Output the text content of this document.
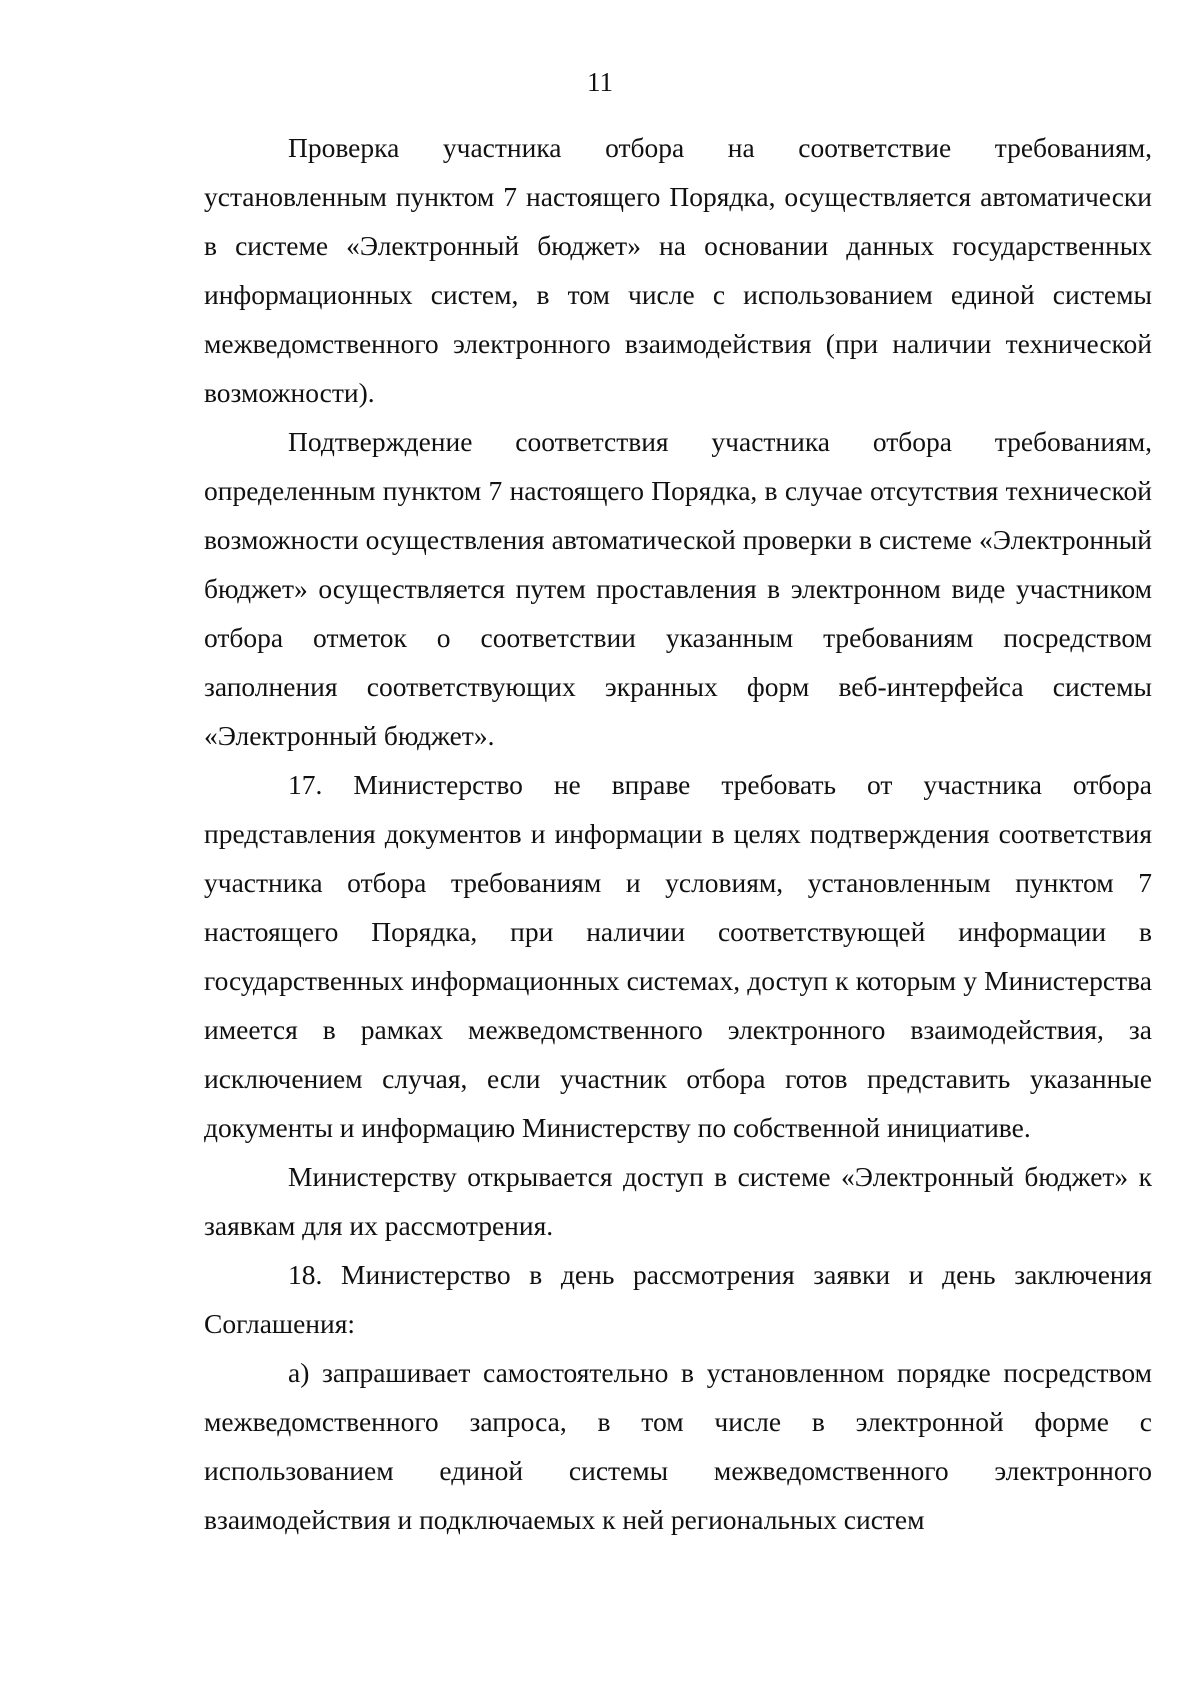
11

Проверка участника отбора на соответствие требованиям, установленным пунктом 7 настоящего Порядка, осуществляется автоматически в системе «Электронный бюджет» на основании данных государственных информационных систем, в том числе с использованием единой системы межведомственного электронного взаимодействия (при наличии технической возможности).

Подтверждение соответствия участника отбора требованиям, определенным пунктом 7 настоящего Порядка, в случае отсутствия технической возможности осуществления автоматической проверки в системе «Электронный бюджет» осуществляется путем проставления в электронном виде участником отбора отметок о соответствии указанным требованиям посредством заполнения соответствующих экранных форм веб-интерфейса системы «Электронный бюджет».

17. Министерство не вправе требовать от участника отбора представления документов и информации в целях подтверждения соответствия участника отбора требованиям и условиям, установленным пунктом 7 настоящего Порядка, при наличии соответствующей информации в государственных информационных системах, доступ к которым у Министерства имеется в рамках межведомственного электронного взаимодействия, за исключением случая, если участник отбора готов представить указанные документы и информацию Министерству по собственной инициативе.

Министерству открывается доступ в системе «Электронный бюджет» к заявкам для их рассмотрения.

18. Министерство в день рассмотрения заявки и день заключения Соглашения:

а) запрашивает самостоятельно в установленном порядке посредством межведомственного запроса, в том числе в электронной форме с использованием единой системы межведомственного электронного взаимодействия и подключаемых к ней региональных систем
